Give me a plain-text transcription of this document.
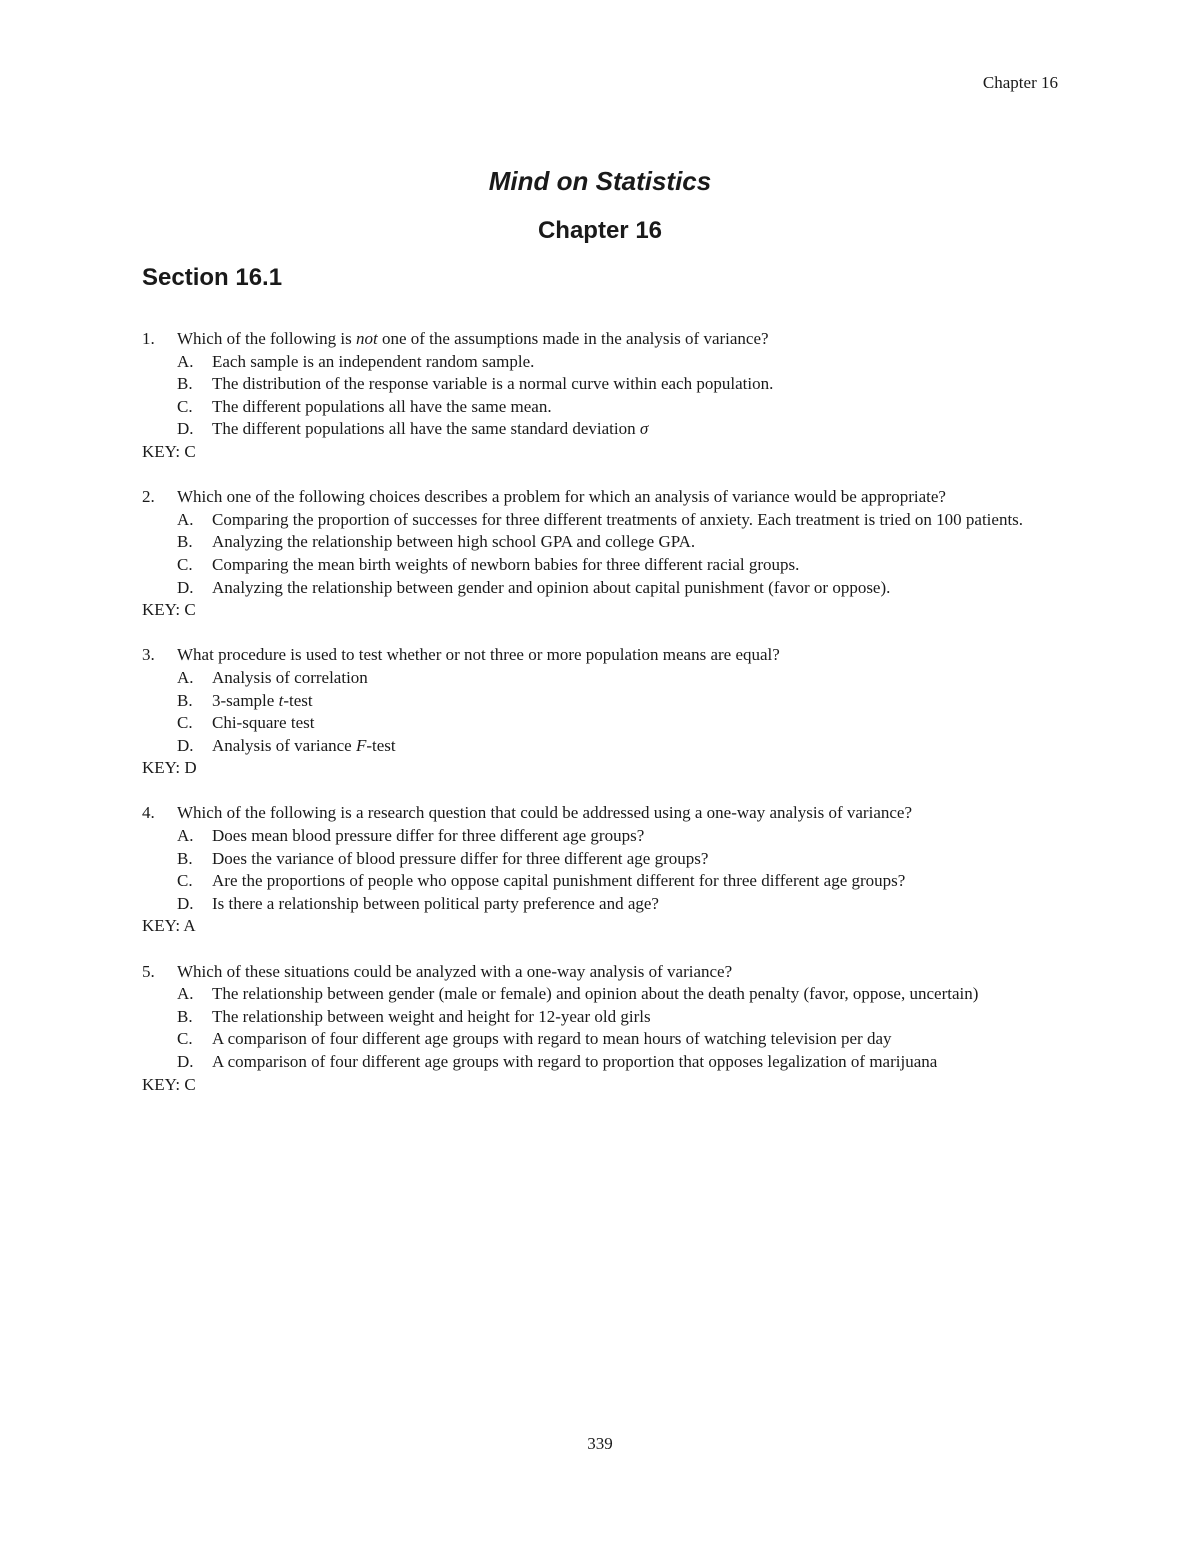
Chapter 16
Mind on Statistics
Chapter 16
Section 16.1
1. Which of the following is not one of the assumptions made in the analysis of variance?
A. Each sample is an independent random sample.
B. The distribution of the response variable is a normal curve within each population.
C. The different populations all have the same mean.
D. The different populations all have the same standard deviation σ
KEY: C
2. Which one of the following choices describes a problem for which an analysis of variance would be appropriate?
A. Comparing the proportion of successes for three different treatments of anxiety. Each treatment is tried on 100 patients.
B. Analyzing the relationship between high school GPA and college GPA.
C. Comparing the mean birth weights of newborn babies for three different racial groups.
D. Analyzing the relationship between gender and opinion about capital punishment (favor or oppose).
KEY: C
3. What procedure is used to test whether or not three or more population means are equal?
A. Analysis of correlation
B. 3-sample t-test
C. Chi-square test
D. Analysis of variance F-test
KEY: D
4. Which of the following is a research question that could be addressed using a one-way analysis of variance?
A. Does mean blood pressure differ for three different age groups?
B. Does the variance of blood pressure differ for three different age groups?
C. Are the proportions of people who oppose capital punishment different for three different age groups?
D. Is there a relationship between political party preference and age?
KEY: A
5. Which of these situations could be analyzed with a one-way analysis of variance?
A. The relationship between gender (male or female) and opinion about the death penalty (favor, oppose, uncertain)
B. The relationship between weight and height for 12-year old girls
C. A comparison of four different age groups with regard to mean hours of watching television per day
D. A comparison of four different age groups with regard to proportion that opposes legalization of marijuana
KEY: C
339
